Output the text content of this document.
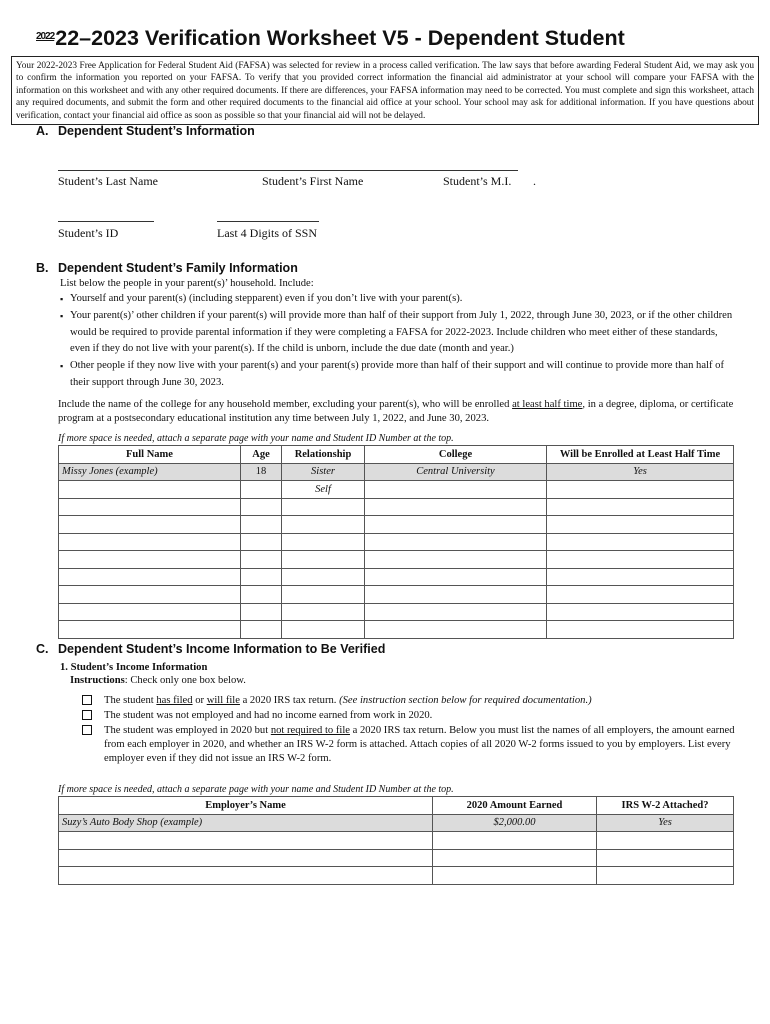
$^{2022}$22–2023 Verification Worksheet V5 - Dependent Student
Your 2022-2023 Free Application for Federal Student Aid (FAFSA) was selected for review in a process called verification. The law says that before awarding Federal Student Aid, we may ask you to confirm the information you reported on your FAFSA. To verify that you provided correct information the financial aid administrator at your school will compare your FAFSA with the information on this worksheet and with any other required documents. If there are differences, your FAFSA information may need to be corrected. You must complete and sign this worksheet, attach any required documents, and submit the form and other required documents to the financial aid office at your school. Your school may ask for additional information. If you have questions about verification, contact your financial aid office as soon as possible so that your financial aid will not be delayed.
A. Dependent Student’s Information
Student’s Last Name	Student’s First Name	Student’s M.I. .
Student’s ID	Last 4 Digits of SSN
B. Dependent Student’s Family Information
List below the people in your parent(s)’ household. Include:
▪ Yourself and your parent(s) (including stepparent) even if you don’t live with your parent(s).
▪ Your parent(s)’ other children if your parent(s) will provide more than half of their support from July 1, 2022, through June 30, 2023, or if the other children would be required to provide parental information if they were completing a FAFSA for 2022-2023. Include children who meet either of these standards, even if they do not live with your parent(s). If the child is unborn, include the due date (month and year.)
▪ Other people if they now live with your parent(s) and your parent(s) provide more than half of their support and will continue to provide more than half of their support through June 30, 2023.
Include the name of the college for any household member, excluding your parent(s), who will be enrolled at least half time, in a degree, diploma, or certificate program at a postsecondary educational institution any time between July 1, 2022, and June 30, 2023.
If more space is needed, attach a separate page with your name and Student ID Number at the top.
Full Name	Age	Relationship	College	Will be Enrolled at Least Half Time
Missy Jones (example)	18	Sister	Central University	Yes
		Self		

C. Dependent Student’s Income Information to Be Verified
1. Student’s Income Information
Instructions: Check only one box below.
The student has filed or will file a 2020 IRS tax return. (See instruction section below for required documentation.)
The student was not employed and had no income earned from work in 2020.
The student was employed in 2020 but not required to file a 2020 IRS tax return. Below you must list the names of all employers, the amount earned from each employer in 2020, and whether an IRS W-2 form is attached. Attach copies of all 2020 W-2 forms issued to you by employers. List every employer even if they did not issue an IRS W-2 form.
If more space is needed, attach a separate page with your name and Student ID Number at the top.
Employer’s Name	2020 Amount Earned	IRS W-2 Attached?
Suzy’s Auto Body Shop (example)	$2,000.00	Yes
